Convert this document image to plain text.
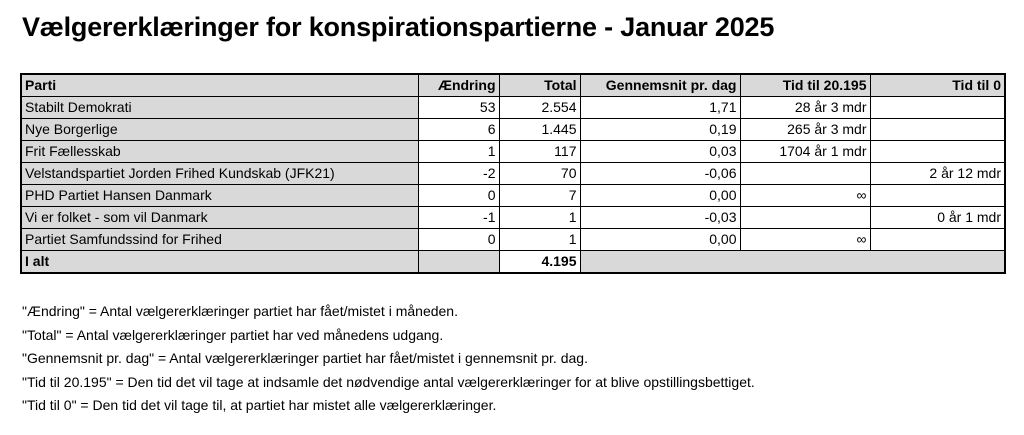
Vælgererklæringer for konspirationspartierne - Januar 2025
Parti	Ændring	Total	Gennemsnit pr. dag	Tid til 20.195	Tid til 0
Stabilt Demokrati	53	2.554	1,71	28 år 3 mdr	
Nye Borgerlige	6	1.445	0,19	265 år 3 mdr	
Frit Fællesskab	1	117	0,03	1704 år 1 mdr	
Velstandspartiet Jorden Frihed Kundskab (JFK21)	-2	70	-0,06		2 år 12 mdr
PHD Partiet Hansen Danmark	0	7	0,00	∞	
Vi er folket - som vil Danmark	-1	1	-0,03		0 år 1 mdr
Partiet Samfundssind for Frihed	0	1	0,00	∞	
I alt		4.195			
"Ændring" = Antal vælgererklæringer partiet har fået/mistet i måneden.
"Total" = Antal vælgererklæringer partiet har ved månedens udgang.
"Gennemsnit pr. dag" = Antal vælgererklæringer partiet har fået/mistet i gennemsnit pr. dag.
"Tid til 20.195" = Den tid det vil tage at indsamle det nødvendige antal vælgererklæringer for at blive opstillingsbettiget.
"Tid til 0" = Den tid det vil tage til, at partiet har mistet alle vælgererklæringer.
